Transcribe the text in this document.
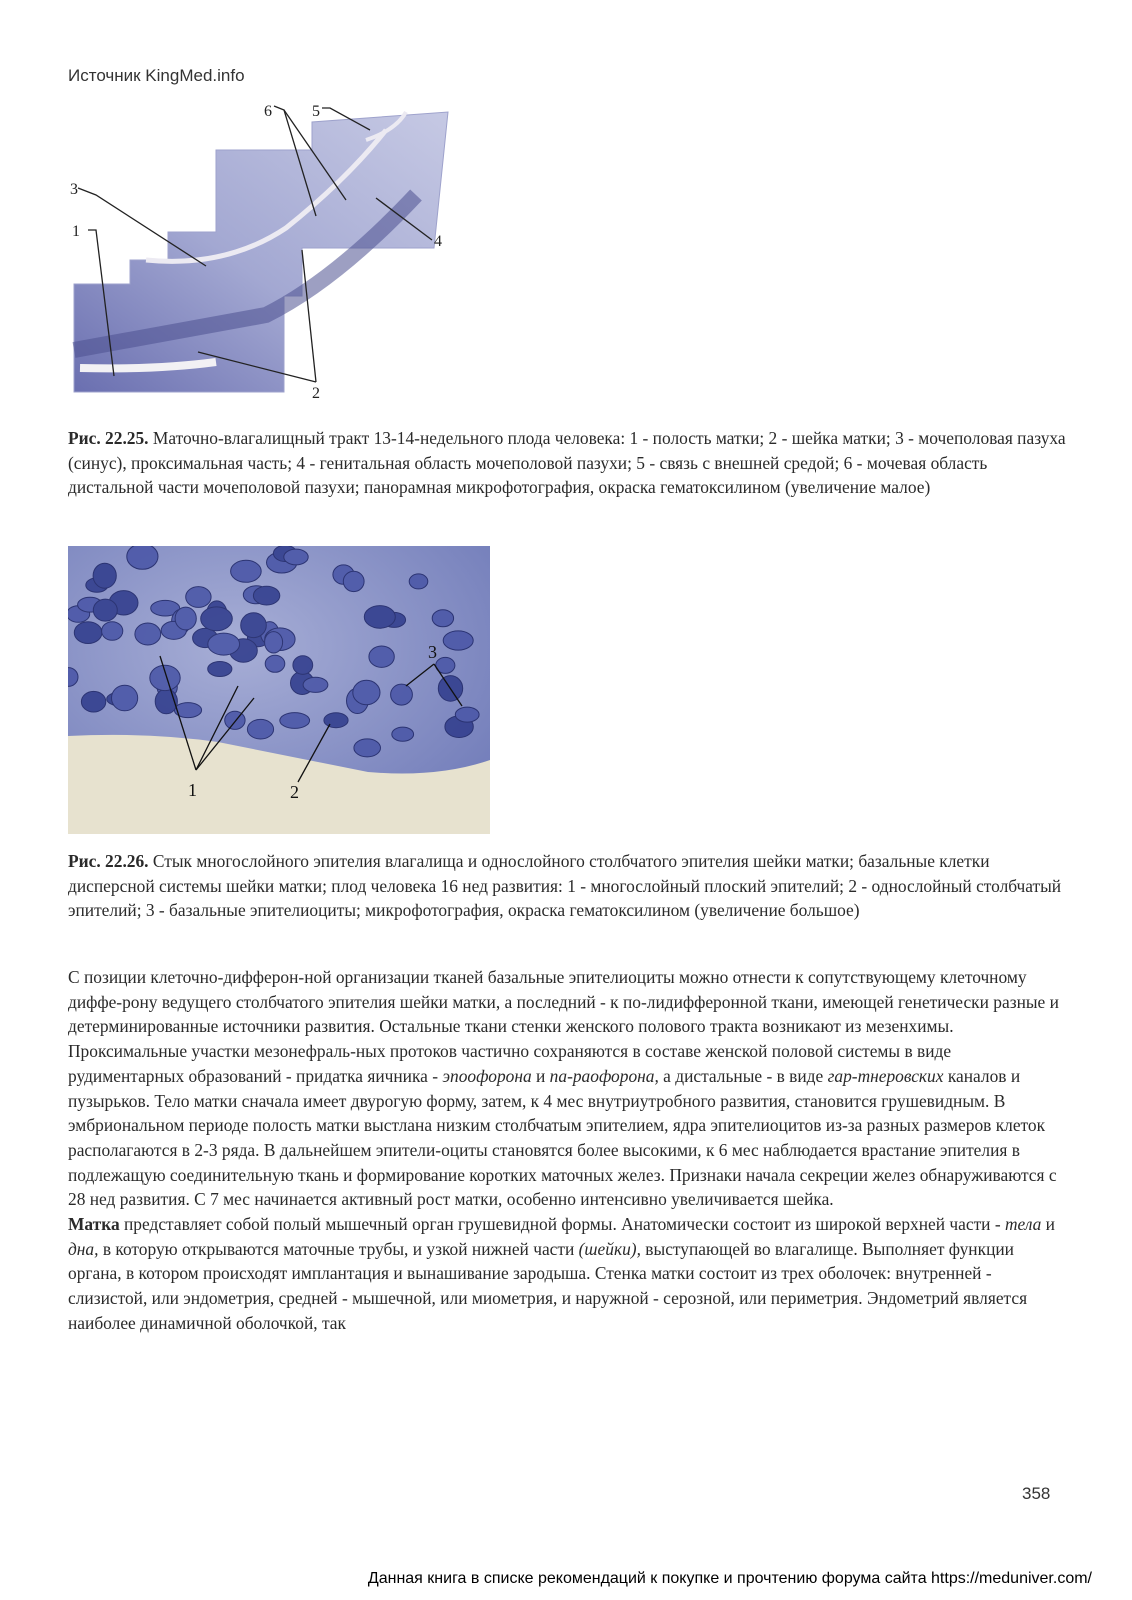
Источник KingMed.info
1
2
3
4
5
6
Рис. 22.25. Маточно-влагалищный тракт 13-14-недельного плода человека: 1 - полость матки; 2 - шейка матки; 3 - мочеполовая пазуха (синус), проксимальная часть; 4 - генитальная область мочеполовой пазухи; 5 - связь с внешней средой; 6 - мочевая область дистальной части мочеполовой пазухи; панорамная микрофотография, окраска гематоксилином (увеличение малое)
1	2
3
Рис. 22.26. Стык многослойного эпителия влагалища и однослойного столбчатого эпителия шейки матки; базальные клетки дисперсной системы шейки матки; плод человека 16 нед развития: 1 - многослойный плоский эпителий; 2 - однослойный столбчатый эпителий; 3 - базальные эпителиоциты; микрофотография, окраска гематоксилином (увеличение большое)

С позиции клеточно-дифферон-ной организации тканей базальные эпителиоциты можно отнести к сопутствующему клеточному диффе-рону ведущего столбчатого эпителия шейки матки, а последний - к по-лидифферонной ткани, имеющей генетически разные и детерминированные источники развития. Остальные ткани стенки женского полового тракта возникают из мезенхимы. Проксимальные участки мезонефраль-ных протоков частично сохраняются в составе женской половой системы в виде рудиментарных образований - придатка яичника - эпоофорона и па-раофорона, а дистальные - в виде гар-тнеровских каналов и пузырьков. Тело матки сначала имеет двурогую форму, затем, к 4 мес внутриутробного развития, становится грушевидным. В эмбриональном периоде полость матки выстлана низким столбчатым эпителием, ядра эпителиоцитов из-за разных размеров клеток располагаются в 2-3 ряда. В дальнейшем эпители-оциты становятся более высокими, к 6 мес наблюдается врастание эпителия в подлежащую соединительную ткань и формирование коротких маточных желез. Признаки начала секреции желез обнаруживаются с 28 нед развития. С 7 мес начинается активный рост матки, особенно интенсивно увеличивается шейка.

Матка представляет собой полый мышечный орган грушевидной формы. Анатомически состоит из широкой верхней части - тела и дна, в которую открываются маточные трубы, и узкой нижней части (шейки), выступающей во влагалище. Выполняет функции органа, в котором происходят имплантация и вынашивание зародыша. Стенка матки состоит из трех оболочек: внутренней - слизистой, или эндометрия, средней - мышечной, или миометрия, и наружной - серозной, или периметрия. Эндометрий является наиболее динамичной оболочкой, так

358
Данная книга в списке рекомендаций к покупке и прочтению форума сайта https://meduniver.com/
